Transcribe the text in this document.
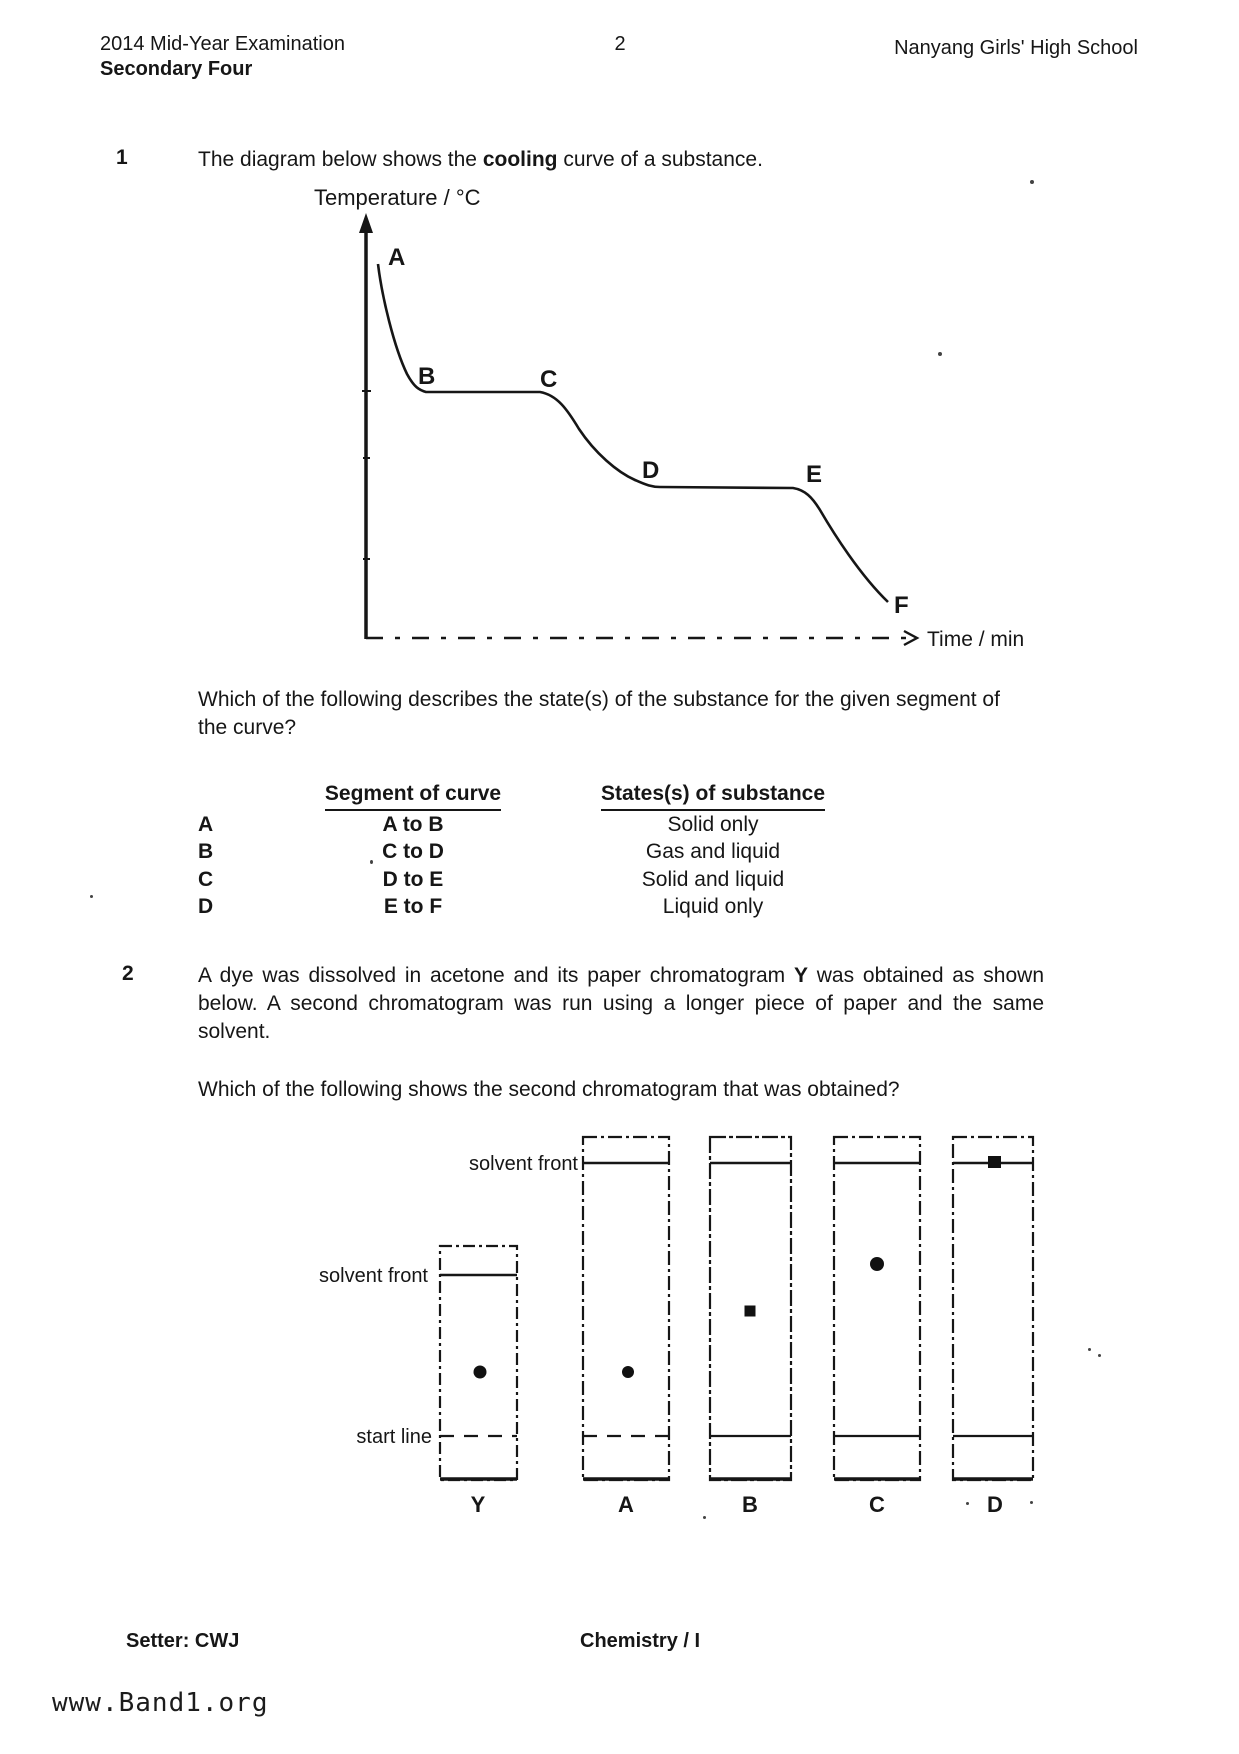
2014 Mid-Year Examination
Secondary Four
2	Nanyang Girls' High School
1	The diagram below shows the cooling curve of a substance.
Temperature / °C
Time / min
A
B	C
D	E
F
Which of the following describes the state(s) of the substance for the given segment of the curve?
Segment of curve	States(s) of substance
A	A to B	Solid only
B	C to D	Gas and liquid
C	D to E	Solid and liquid
D	E to F	Liquid only
2	A dye was dissolved in acetone and its paper chromatogram Y was obtained as shown below. A second chromatogram was run using a longer piece of paper and the same solvent.
Which of the following shows the second chromatogram that was obtained?
solvent front
solvent front
start line
Y	A	B	C	D
Setter: CWJ	Chemistry / I
www.Band1.org
